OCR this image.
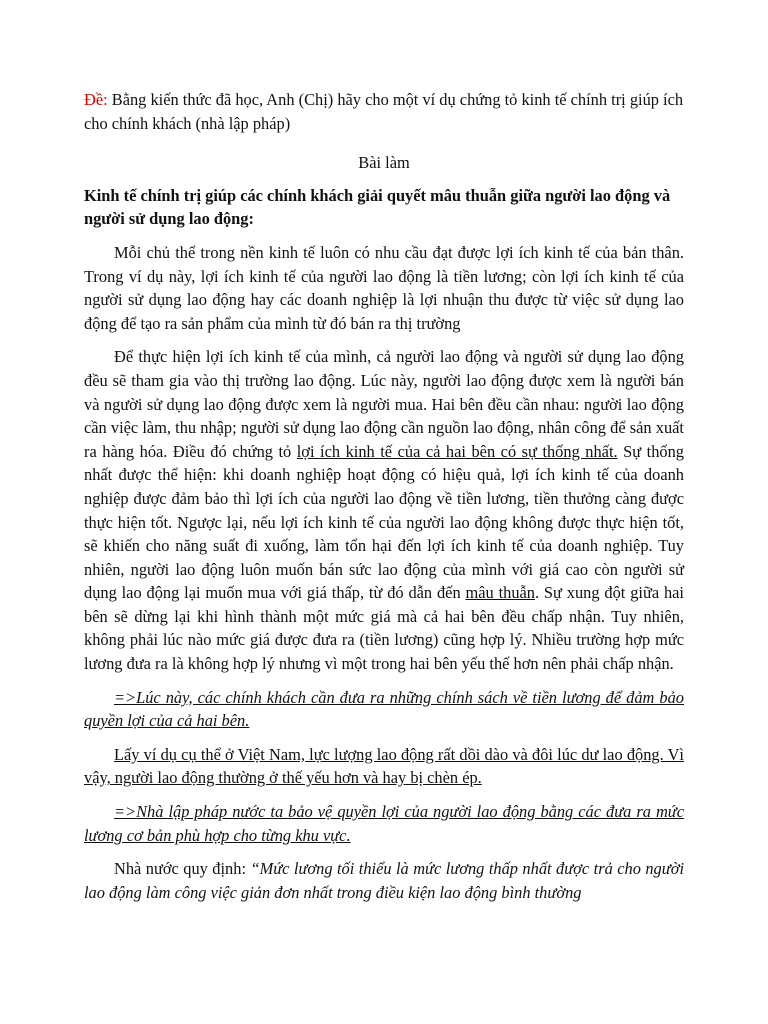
Đề: Bằng kiến thức đã học, Anh (Chị) hãy cho một ví dụ chứng tỏ kinh tế chính trị giúp ích cho chính khách (nhà lập pháp)

Bài làm

Kinh tế chính trị giúp các chính khách giải quyết mâu thuẫn giữa người lao động và người sử dụng lao động:

Mỗi chủ thể trong nền kinh tế luôn có nhu cầu đạt được lợi ích kinh tế của bản thân. Trong ví dụ này, lợi ích kinh tế của người lao động là tiền lương; còn lợi ích kinh tế của người sử dụng lao động hay các doanh nghiệp là lợi nhuận thu được từ việc sử dụng lao động để tạo ra sản phẩm của mình từ đó bán ra thị trường

Để thực hiện lợi ích kinh tế của mình, cả người lao động và người sử dụng lao động đều sẽ tham gia vào thị trường lao động. Lúc này, người lao động được xem là người bán và người sử dụng lao động được xem là người mua. Hai bên đều cần nhau: người lao động cần việc làm, thu nhập; người sử dụng lao động cần nguồn lao động, nhân công để sản xuất ra hàng hóa. Điều đó chứng tỏ lợi ích kinh tế của cả hai bên có sự thống nhất. Sự thống nhất được thể hiện: khi doanh nghiệp hoạt động có hiệu quả, lợi ích kinh tế của doanh nghiệp được đảm bảo thì lợi ích của người lao động về tiền lương, tiền thưởng càng được thực hiện tốt. Ngược lại, nếu lợi ích kinh tế của người lao động không được thực hiện tốt, sẽ khiến cho năng suất đi xuống, làm tổn hại đến lợi ích kinh tế của doanh nghiệp. Tuy nhiên, người lao động luôn muốn bán sức lao động của mình với giá cao còn người sử dụng lao động lại muốn mua với giá thấp, từ đó dẫn đến mâu thuẫn. Sự xung đột giữa hai bên sẽ dừng lại khi hình thành một mức giá mà cả hai bên đều chấp nhận. Tuy nhiên, không phải lúc nào mức giá được đưa ra (tiền lương) cũng hợp lý. Nhiều trường hợp mức lương đưa ra là không hợp lý nhưng vì một trong hai bên yếu thế hơn nên phải chấp nhận.

=>Lúc này, các chính khách cần đưa ra những chính sách về tiền lương để đảm bảo quyền lợi của cả hai bên.

Lấy ví dụ cụ thể ở Việt Nam, lực lượng lao động rất dồi dào và đôi lúc dư lao động. Vì vậy, người lao động thường ở thế yếu hơn và hay bị chèn ép.

=>Nhà lập pháp nước ta bảo vệ quyền lợi của người lao động bằng các đưa ra mức lương cơ bản phù hợp cho từng khu vực.

Nhà nước quy định: “Mức lương tối thiểu là mức lương thấp nhất được trả cho người lao động làm công việc giản đơn nhất trong điều kiện lao động bình thường
